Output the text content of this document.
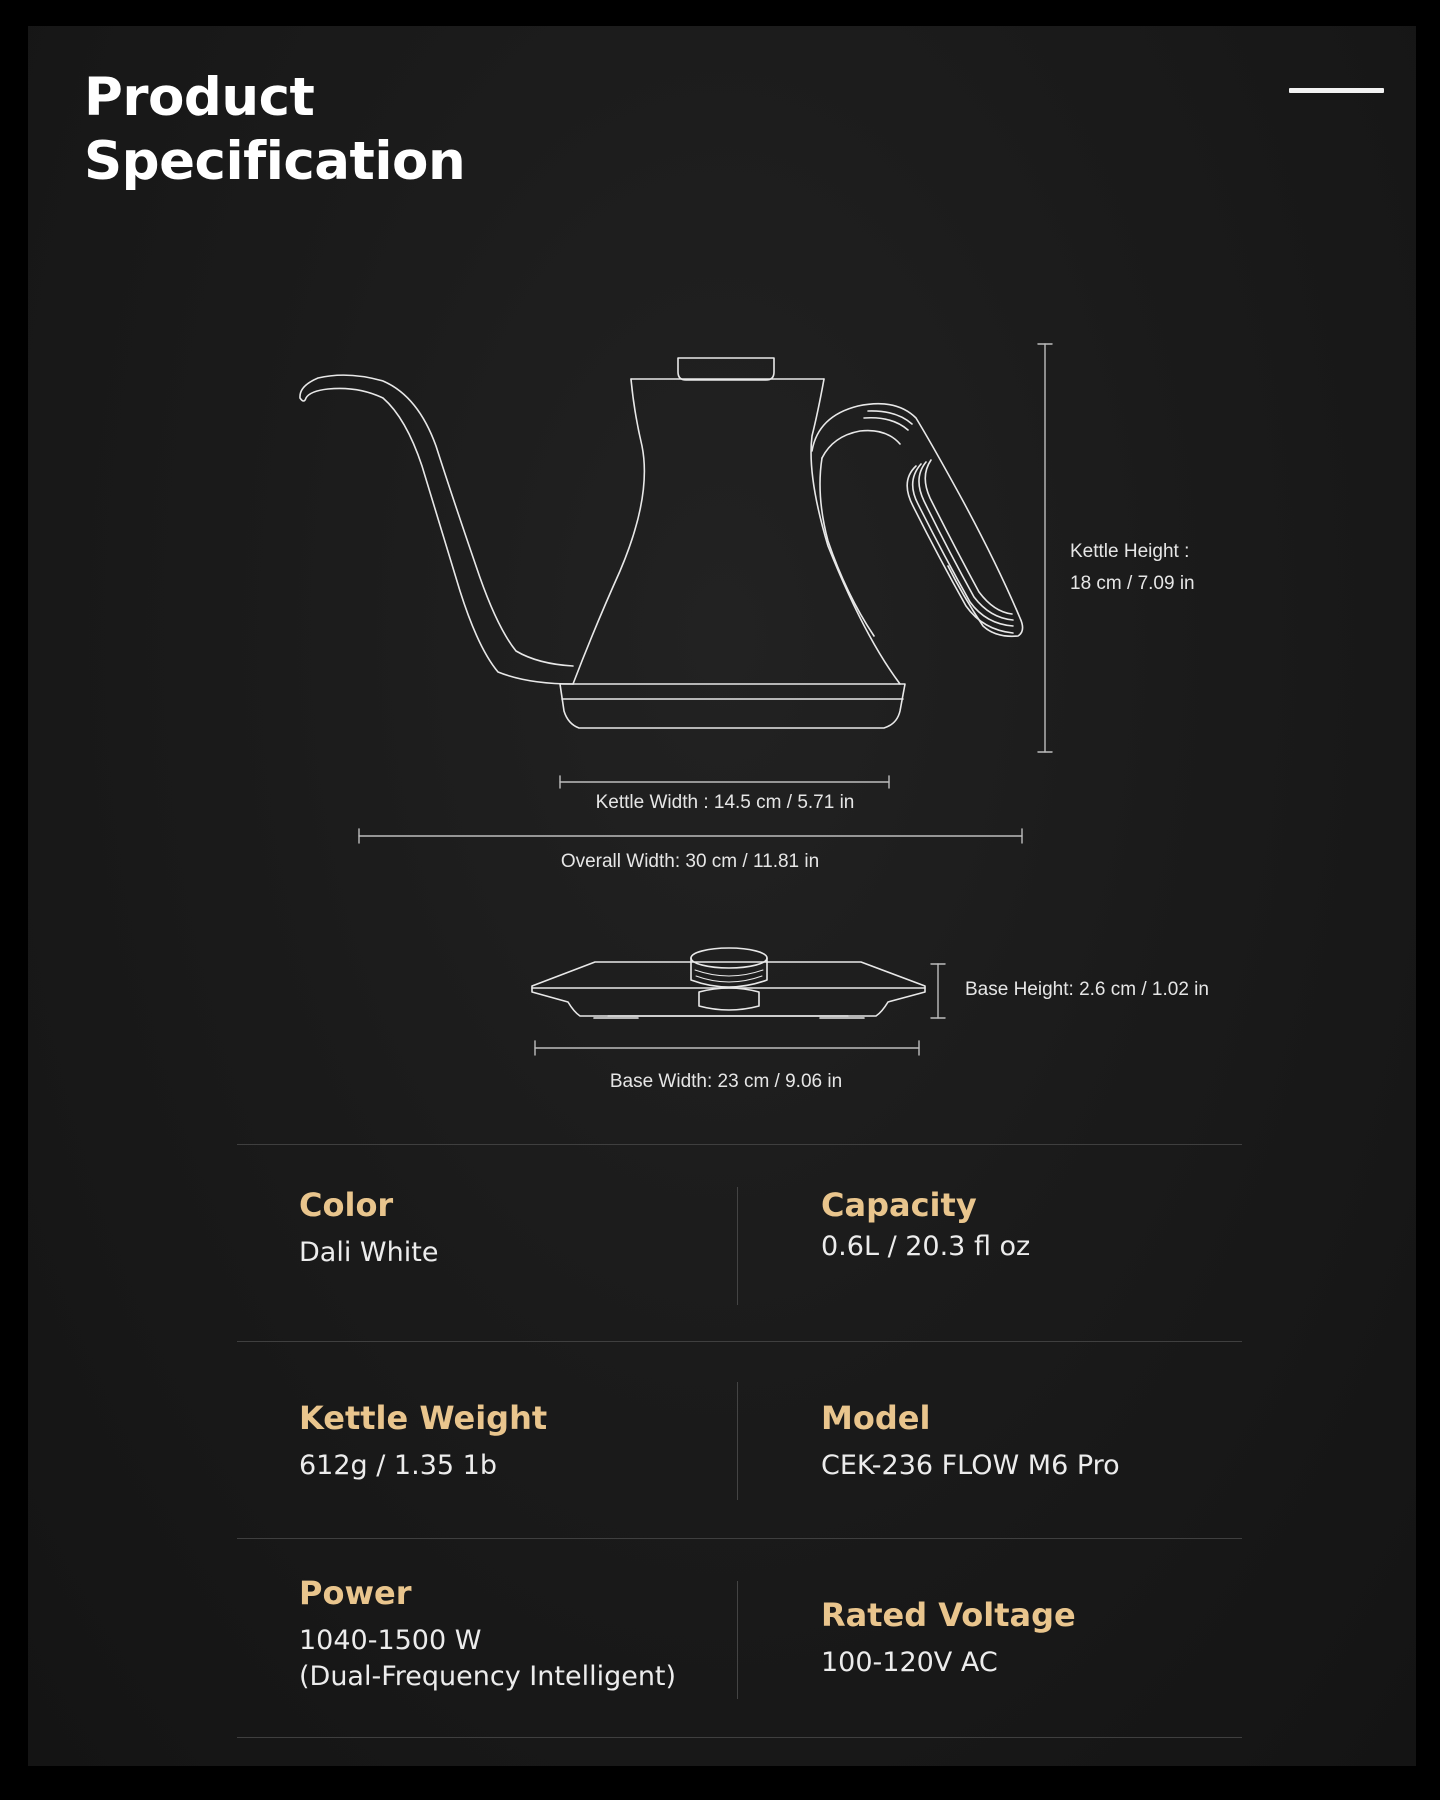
Product
Specification
Kettle Height :
18 cm / 7.09 in
Kettle Width : 14.5 cm / 5.71 in
Overall Width: 30 cm / 11.81 in
Base Height: 2.6 cm / 1.02 in
Base Width: 23 cm / 9.06 in
Color
Dali White
Capacity
0.6L / 20.3 fl oz
Kettle Weight
612g / 1.35 1b
Model
CEK-236 FLOW M6 Pro
Power
1040-1500 W
(Dual-Frequency Intelligent)
Rated Voltage
100-120V AC
